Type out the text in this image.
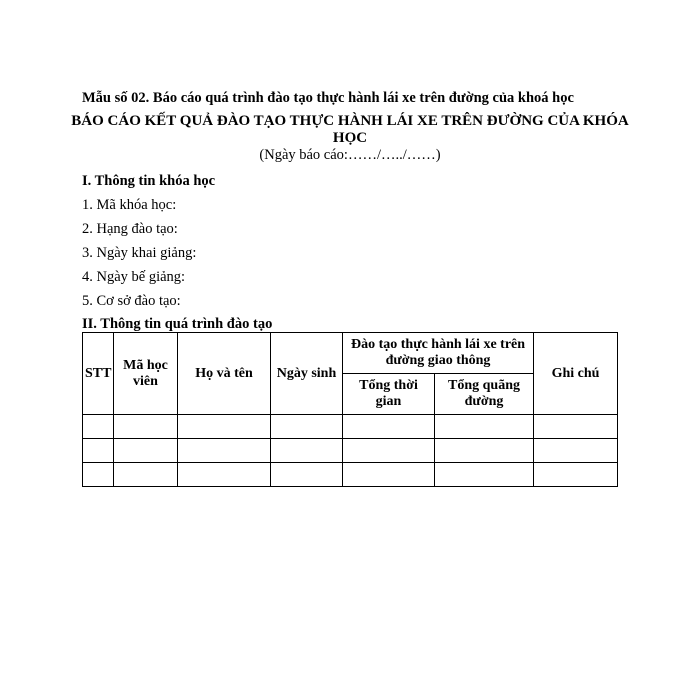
Mẫu số 02. Báo cáo quá trình đào tạo thực hành lái xe trên đường của khoá học
BÁO CÁO KẾT QUẢ ĐÀO TẠO THỰC HÀNH LÁI XE TRÊN ĐƯỜNG CỦA KHÓA HỌC
(Ngày báo cáo:……/…../……)
I. Thông tin khóa học
1. Mã khóa học:
2. Hạng đào tạo:
3. Ngày khai giảng:
4. Ngày bế giảng:
5. Cơ sở đào tạo:
II. Thông tin quá trình đào tạo
STT	Mã học viên	Họ và tên	Ngày sinh	Đào tạo thực hành lái xe trên đường giao thông		Ghi chú
				Tổng thời gian	Tổng quãng đường	
